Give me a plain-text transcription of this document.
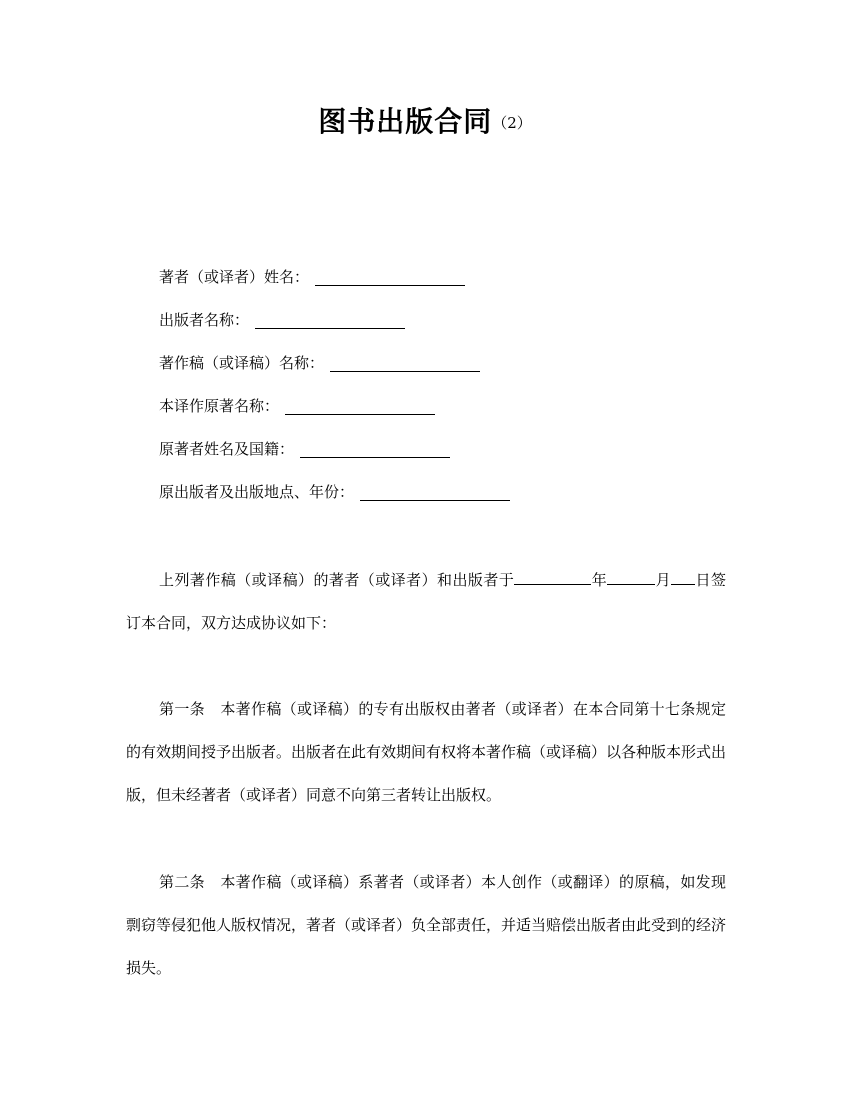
图书出版合同（2）
著者（或译者）姓名：
出版者名称：
著作稿（或译稿）名称：
本译作原著名称：
原著者姓名及国籍：
原出版者及出版地点、年份：
上列著作稿（或译稿）的著者（或译者）和出版者于	年	月 日签订本合同，双方达成协议如下：
第一条　本著作稿（或译稿）的专有出版权由著者（或译者）在本合同第十七条规定的有效期间授予出版者。出版者在此有效期间有权将本著作稿（或译稿）以各种版本形式出版，但未经著者（或译者）同意不向第三者转让出版权。
第二条　本著作稿（或译稿）系著者（或译者）本人创作（或翻译）的原稿，如发现剽窃等侵犯他人版权情况，著者（或译者）负全部责任，并适当赔偿出版者由此受到的经济损失。
